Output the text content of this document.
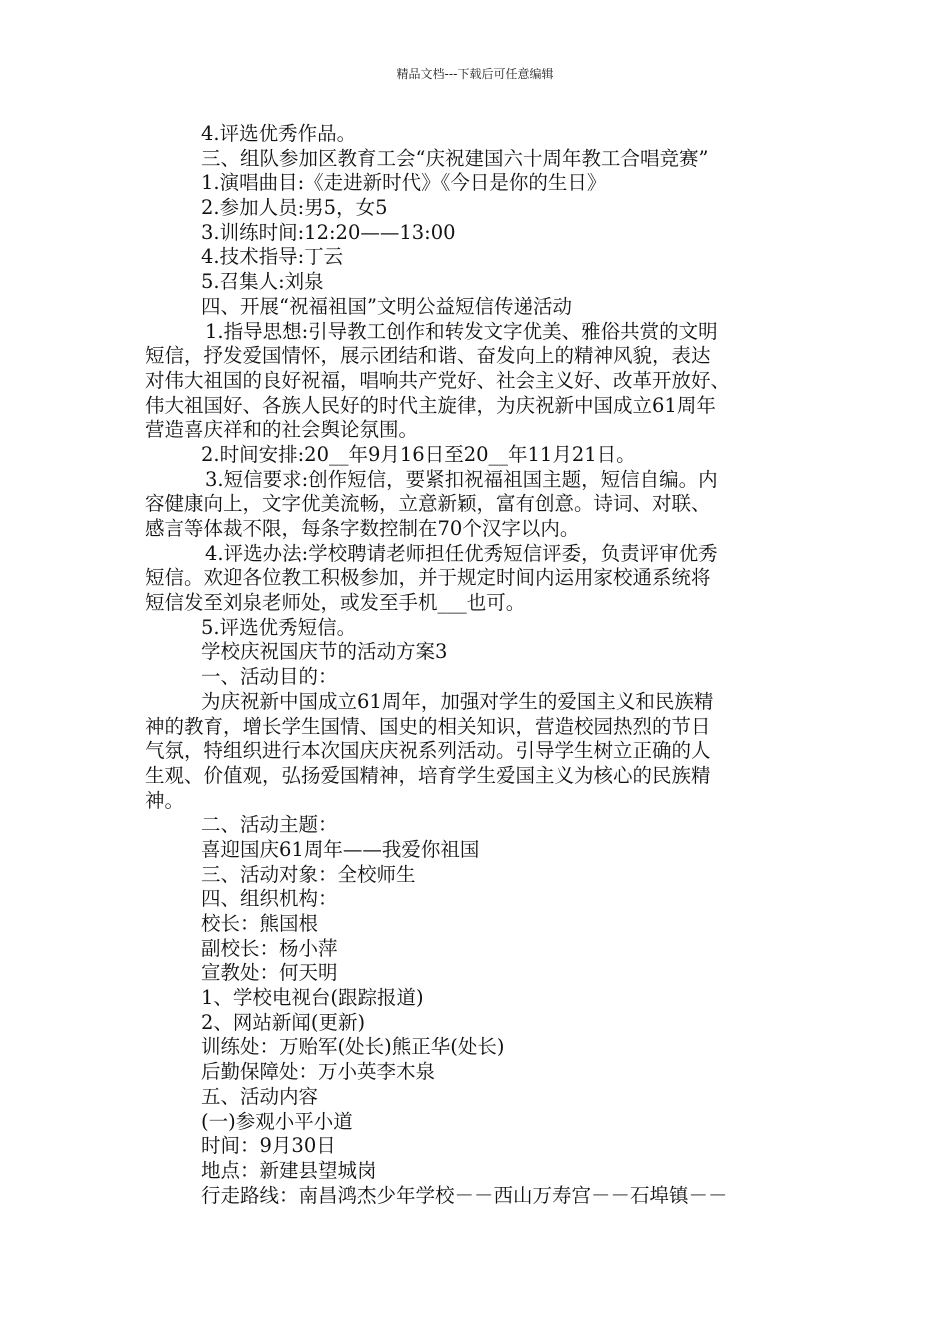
精品文档---下载后可任意编辑
4.评选优秀作品。
三、组队参加区教育工会“庆祝建国六十周年教工合唱竞赛”
1.演唱曲目:《走进新时代》《今日是你的生日》
2.参加人员:男5，女5
3.训练时间:12:20——13:00
4.技术指导:丁云
5.召集人:刘泉
四、开展“祝福祖国”文明公益短信传递活动
1.指导思想:引导教工创作和转发文字优美、雅俗共赏的文明
短信，抒发爱国情怀，展示团结和谐、奋发向上的精神风貌，表达
对伟大祖国的良好祝福，唱响共产党好、社会主义好、改革开放好、
伟大祖国好、各族人民好的时代主旋律，为庆祝新中国成立61周年
营造喜庆祥和的社会舆论氛围。
2.时间安排:20__年9月16日至20__年11月21日。
3.短信要求:创作短信，要紧扣祝福祖国主题，短信自编。内
容健康向上，文字优美流畅，立意新颖，富有创意。诗词、对联、
感言等体裁不限，每条字数控制在70个汉字以内。
4.评选办法:学校聘请老师担任优秀短信评委，负责评审优秀
短信。欢迎各位教工积极参加，并于规定时间内运用家校通系统将
短信发至刘泉老师处，或发至手机___也可。
5.评选优秀短信。
学校庆祝国庆节的活动方案3
一、活动目的：
为庆祝新中国成立61周年，加强对学生的爱国主义和民族精
神的教育，增长学生国情、国史的相关知识，营造校园热烈的节日
气氛，特组织进行本次国庆庆祝系列活动。引导学生树立正确的人
生观、价值观，弘扬爱国精神，培育学生爱国主义为核心的民族精
神。
二、活动主题：
喜迎国庆61周年——我爱你祖国
三、活动对象：全校师生
四、组织机构：
校长：熊国根
副校长：杨小萍
宣教处：何天明
1、学校电视台(跟踪报道)
2、网站新闻(更新)
训练处：万贻军(处长)熊正华(处长)
后勤保障处：万小英李木泉
五、活动内容
(一)参观小平小道
时间：9月30日
地点：新建县望城岗
行走路线：南昌鸿杰少年学校－－西山万寿宫－－石埠镇－－
